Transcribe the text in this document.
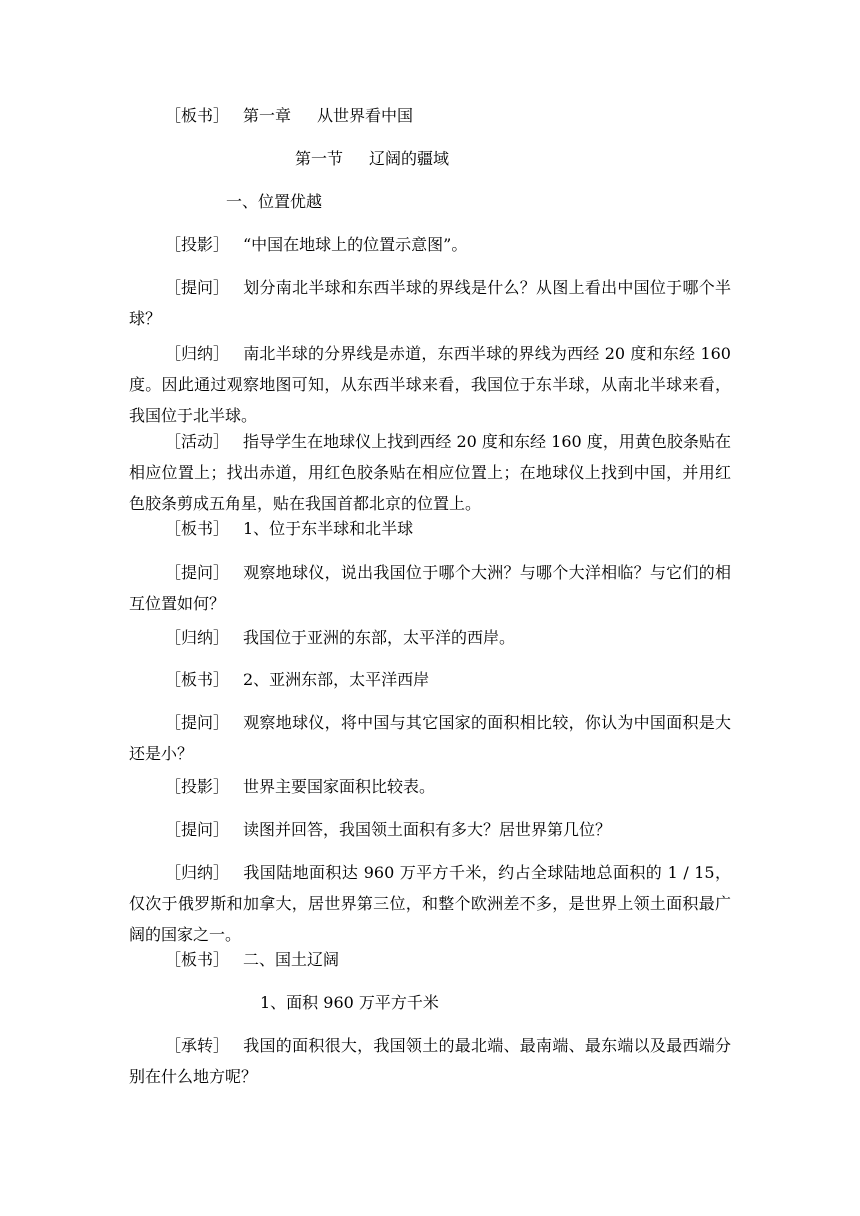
［板书］ 第一章 从世界看中国
第一节 辽阔的疆域
一、位置优越
［投影］ “中国在地球上的位置示意图”。
［提问］ 划分南北半球和东西半球的界线是什么？从图上看出中国位于哪个半球？
［归纳］ 南北半球的分界线是赤道，东西半球的界线为西经 20 度和东经 160 度。因此通过观察地图可知，从东西半球来看，我国位于东半球，从南北半球来看，我国位于北半球。
［活动］ 指导学生在地球仪上找到西经 20 度和东经 160 度，用黄色胶条贴在相应位置上；找出赤道，用红色胶条贴在相应位置上；在地球仪上找到中国，并用红色胶条剪成五角星，贴在我国首都北京的位置上。
［板书］ 1、位于东半球和北半球
［提问］ 观察地球仪，说出我国位于哪个大洲？与哪个大洋相临？与它们的相互位置如何？
［归纳］ 我国位于亚洲的东部，太平洋的西岸。
［板书］ 2、亚洲东部，太平洋西岸
［提问］ 观察地球仪，将中国与其它国家的面积相比较，你认为中国面积是大还是小？
［投影］ 世界主要国家面积比较表。
［提问］ 读图并回答，我国领土面积有多大？居世界第几位？
［归纳］ 我国陆地面积达 960 万平方千米，约占全球陆地总面积的 1 / 15，仅次于俄罗斯和加拿大，居世界第三位，和整个欧洲差不多，是世界上领土面积最广阔的国家之一。
［板书］ 二、国土辽阔
1、面积 960 万平方千米
［承转］ 我国的面积很大，我国领土的最北端、最南端、最东端以及最西端分别在什么地方呢？
